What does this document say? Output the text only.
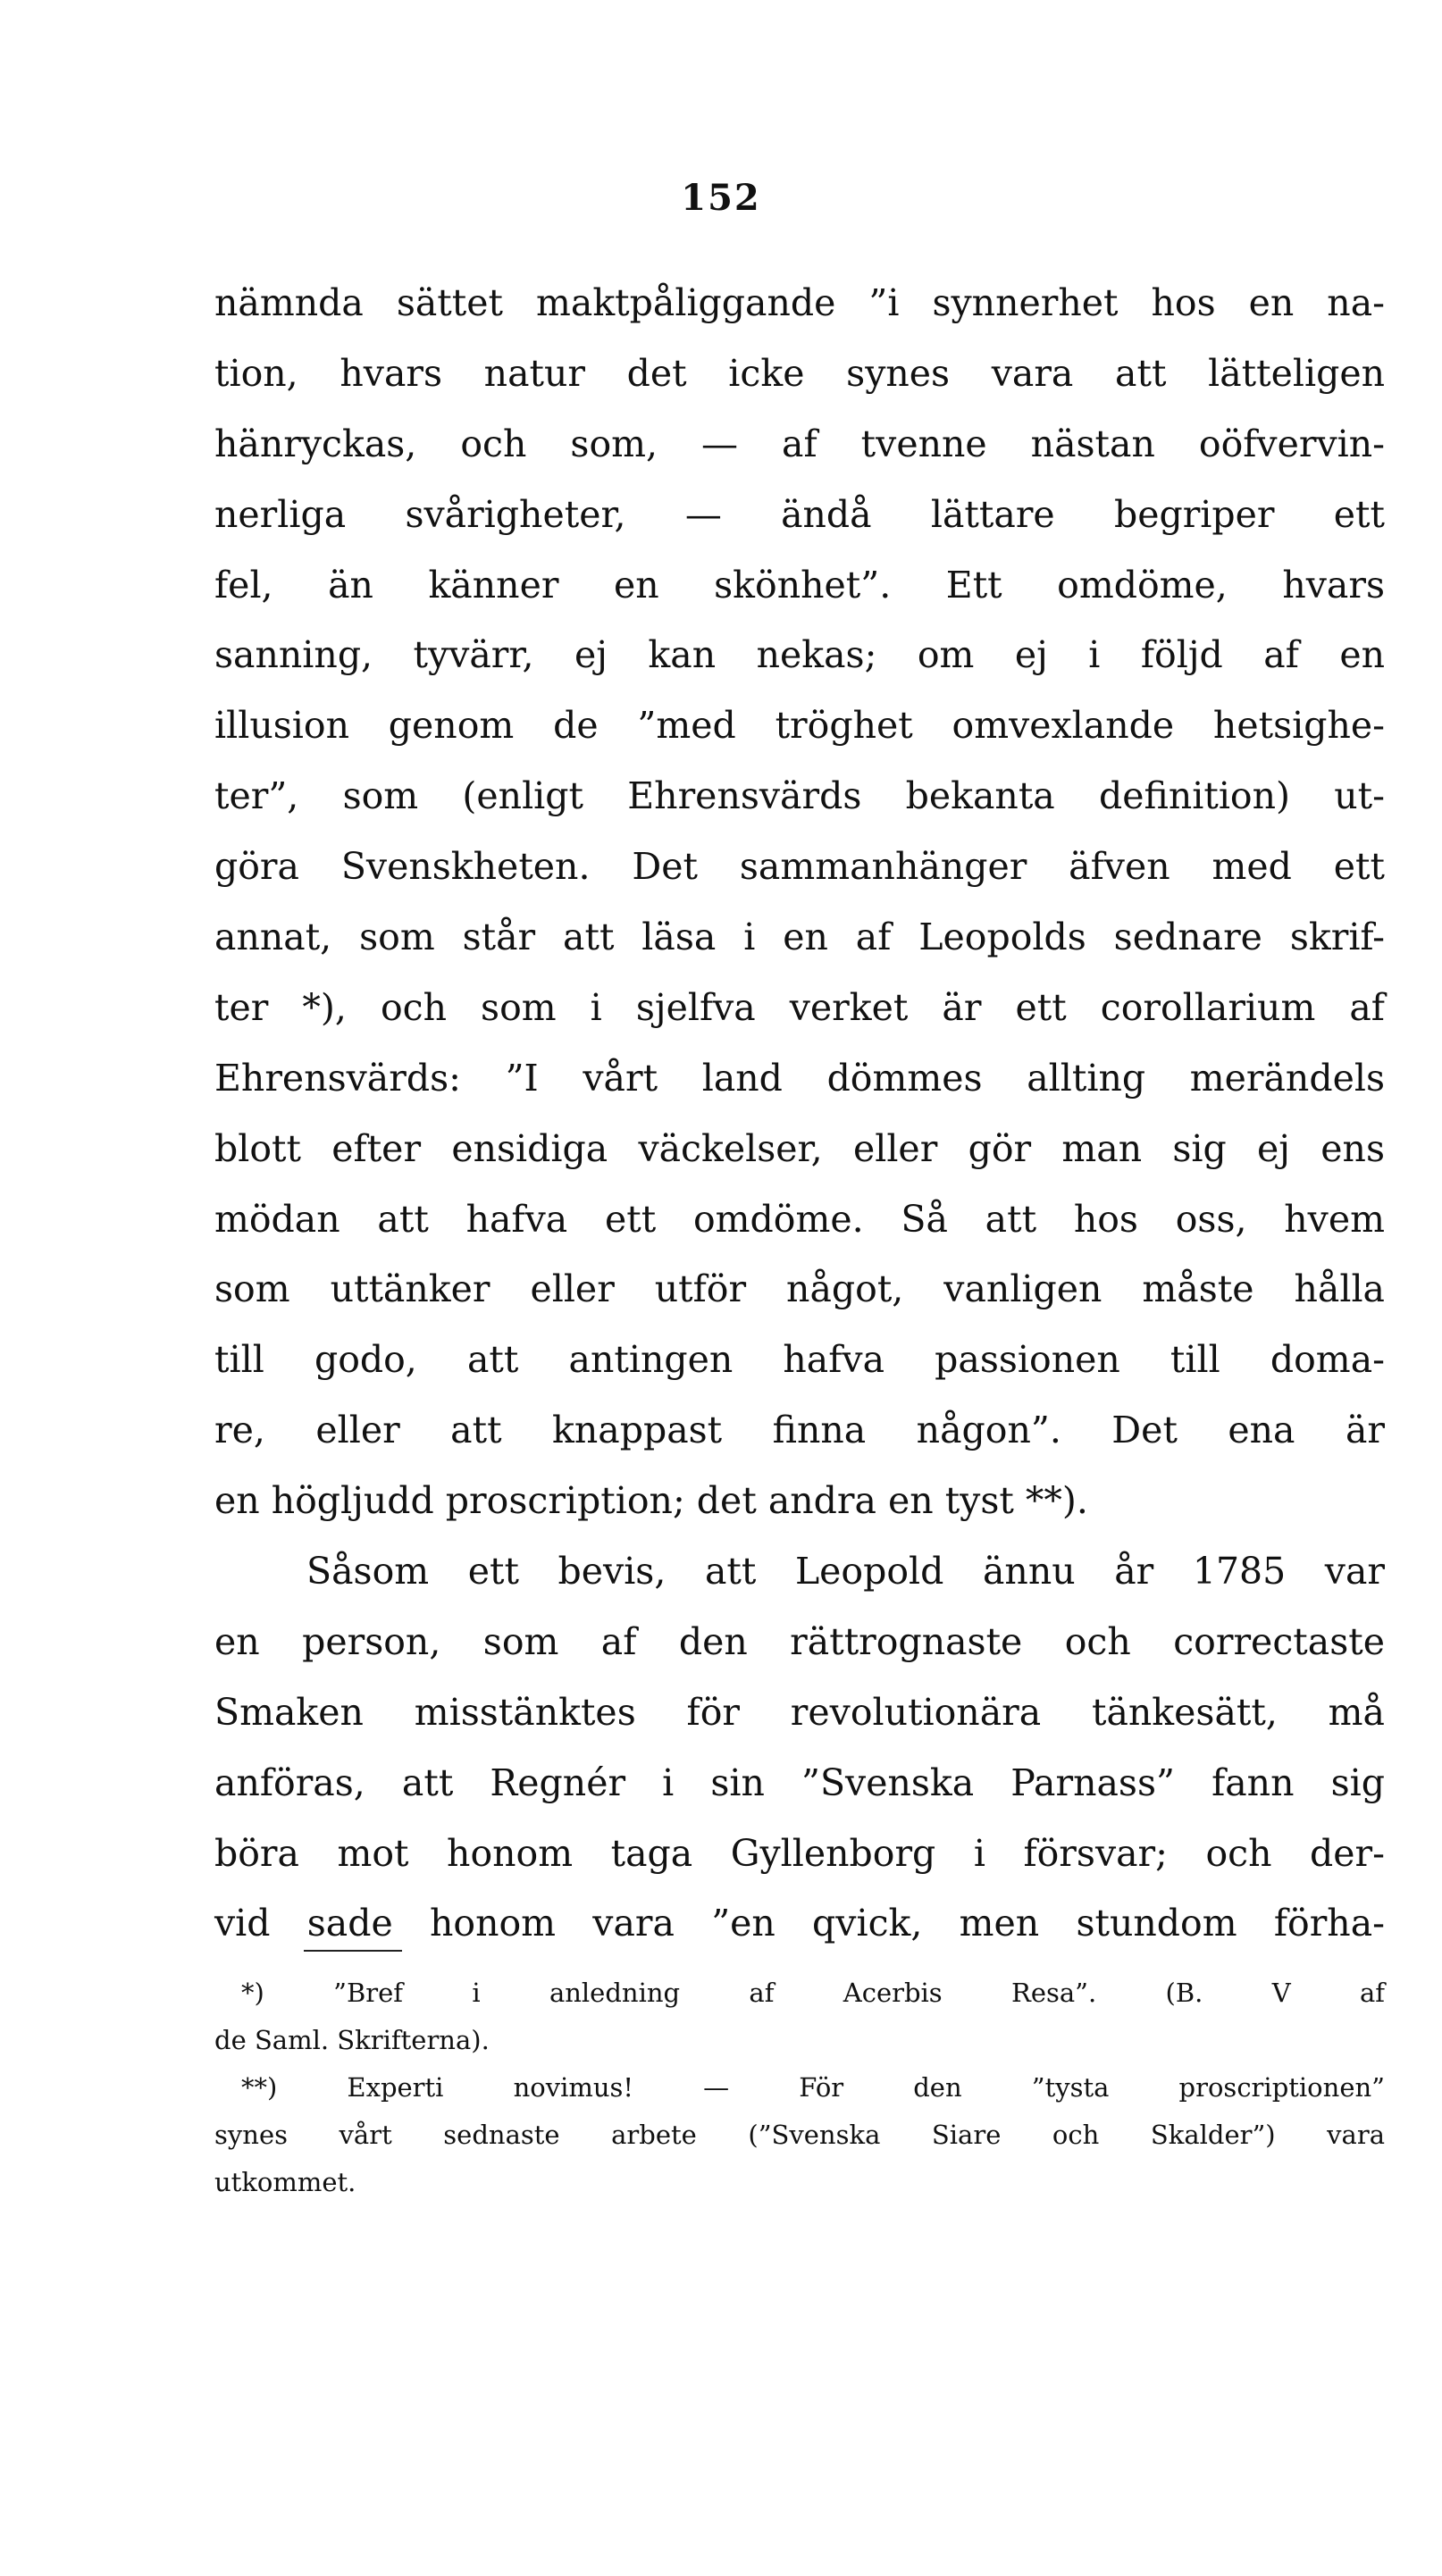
152
nämnda sättet maktpåliggande ”i synnerhet hos en na-
tion, hvars natur det icke synes vara att lätteligen
hänryckas, och som, — af tvenne nästan oöfvervin-
nerliga svårigheter, — ändå lättare begriper ett
fel, än känner en skönhet”. Ett omdöme, hvars
sanning, tyvärr, ej kan nekas; om ej i följd af en
illusion genom de ”med tröghet omvexlande hetsighe-
ter”, som (enligt Ehrensvärds bekanta definition) ut-
göra Svenskheten. Det sammanhänger äfven med ett
annat, som står att läsa i en af Leopolds sednare skrif-
ter *), och som i sjelfva verket är ett corollarium af
Ehrensvärds: ”I vårt land dömmes allting merändels
blott efter ensidiga väckelser, eller gör man sig ej ens
mödan att hafva ett omdöme. Så att hos oss, hvem
som uttänker eller utför något, vanligen måste hålla
till godo, att antingen hafva passionen till doma-
re, eller att knappast finna någon”. Det ena är
en högljudd proscription; det andra en tyst **).
Såsom ett bevis, att Leopold ännu år 1785 var
en person, som af den rättrognaste och correctaste
Smaken misstänktes för revolutionära tänkesätt, må
anföras, att Regnér i sin ”Svenska Parnass” fann sig
böra mot honom taga Gyllenborg i försvar; och der-
vid sade honom vara ”en qvick, men stundom förha-
*) ”Bref i anledning af Acerbis Resa”. (B. V af
de Saml. Skrifterna).
**) Experti novimus! — För den ”tysta proscriptionen”
synes vårt sednaste arbete (”Svenska Siare och Skalder”) vara
utkommet.
